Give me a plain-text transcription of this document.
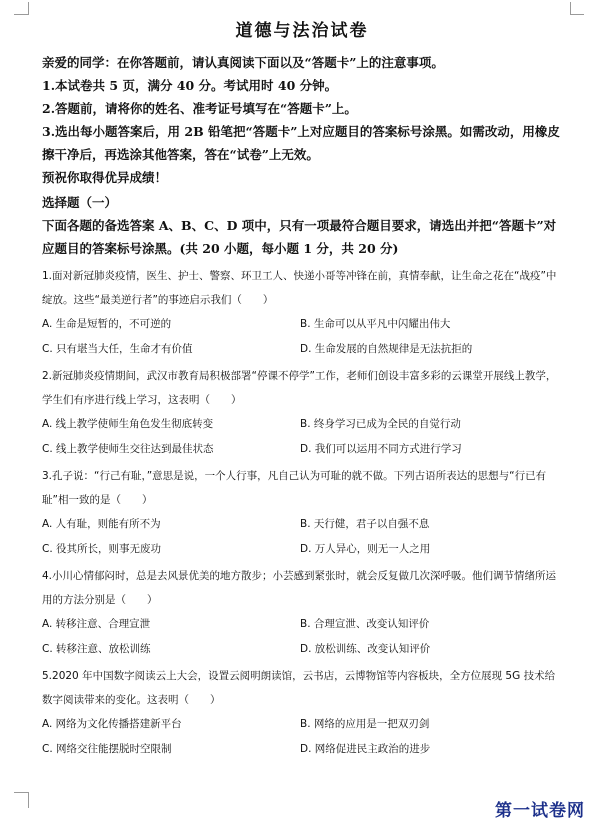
道德与法治试卷

亲爱的同学：在你答题前，请认真阅读下面以及“答题卡”上的注意事项。

1.本试卷共 5 页，满分 40 分。考试用时 40 分钟。

2.答题前，请将你的姓名、准考证号填写在“答题卡”上。

3.选出每小题答案后，用 2B 铅笔把“答题卡”上对应题目的答案标号涂黑。如需改动，用橡皮擦干净后，再选涂其他答案，答在“试卷”上无效。

预祝你取得优异成绩！

选择题（一）
下面各题的备选答案 A、B、C、D 项中，只有一项最符合题目要求，请选出并把“答题卡”对应题目的答案标号涂黑。(共 20 小题，每小题 1 分，共 20 分)

1.面对新冠肺炎疫情，医生、护士、警察、环卫工人、快递小哥等冲锋在前，真情奉献，让生命之花在“战疫”中绽放。这些“最美逆行者”的事迹启示我们（　　）

A. 生命是短暂的，不可逆的	B. 生命可以从平凡中闪耀出伟大
C. 只有堪当大任，生命才有价值	D. 生命发展的自然规律是无法抗拒的

2.新冠肺炎疫情期间，武汉市教育局积极部署“停课不停学”工作，老师们创设丰富多彩的云课堂开展线上教学，学生们有序进行线上学习，这表明（　　）

A. 线上教学使师生角色发生彻底转变	B. 终身学习已成为全民的自觉行动
C. 线上教学使师生交往达到最佳状态	D. 我们可以运用不同方式进行学习

3.孔子说：“行己有耻，”意思是说，一个人行事，凡自己认为可耻的就不做。下列古语所表达的思想与“行已有耻”相一致的是（　　）

A. 人有耻，则能有所不为	B. 天行健，君子以自强不息
C. 役其所长，则事无废功	D. 万人异心，则无一人之用

4.小川心情郁闷时，总是去风景优美的地方散步；小芸感到紧张时，就会反复做几次深呼吸。他们调节情绪所运用的方法分别是（　　）

A. 转移注意、合理宣泄	B. 合理宣泄、改变认知评价
C. 转移注意、放松训练	D. 放松训练、改变认知评价

5.2020 年中国数字阅读云上大会，设置云阅明朗读馆，云书店，云博物馆等内容板块，全方位展现 5G 技术给数字阅读带来的变化。这表明（　　）

A. 网络为文化传播搭建新平台	B. 网络的应用是一把双刃剑
C. 网络交往能摆脱时空限制	D. 网络促进民主政治的进步
第一试卷网
